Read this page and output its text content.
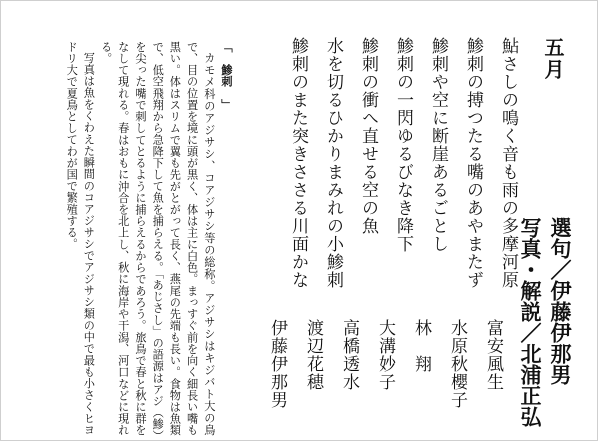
五月
鮎さしの鳴く音も雨の多摩河原
鯵刺の搏つたる嘴のあやまたず
鯵刺や空に断崖あるごとし
鯵刺の一閃ゆるびなき降下
鯵刺の衝へ直せる空の魚
水を切るひかりまみれの小鯵刺
鯵刺のまた突きささる川面かな
富安風生
水原秋櫻子
林　翔
大溝妙子
高橋透水
渡辺花穂
伊藤伊那男	選句／伊藤伊那男
写真・解説／北浦正弘
「　鯵刺　」

カモメ科のアジサシ、コアジサシ等の総称。アジサシはキジバト大の鳥で、目の位置を境に頭が黒く、体は主に白色。まっすぐ前を向く細長い嘴も黒い。体はスリムで翼も先がとがって長く、燕尾の先端も長い。食物は魚類で、低空飛翔から急降下して魚を捕らえる。「あじさし」の語源はアジ（鯵）を尖った嘴で刺してとるように捕らえるからであろう。旅鳥で春と秋に群をなして現れる。春はおもに沖合を北上し、秋に海岸や干潟、河口などに現れる。

写真は魚をくわえた瞬間のコアジサシでアジサシ類の中で最も小さくヒヨドリ大で夏鳥としてわが国で繁殖する。
